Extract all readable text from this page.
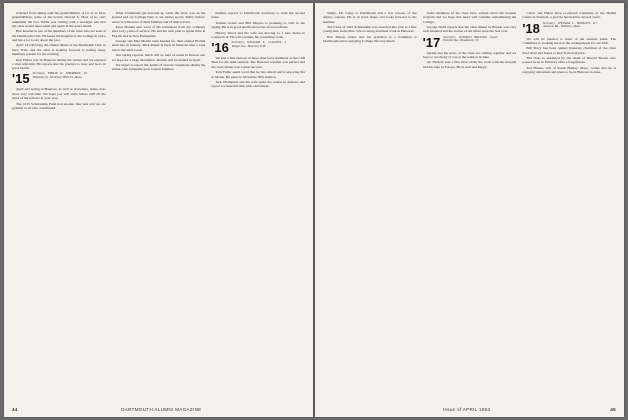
returned from skiing with his grandchildren. A lot of us have grandchildren, some of the beards showed it. Most of us can't remember the two. Eddie was writing with a nostalgic pen that the class would meet again and again in the years ahead.

Bob Keesler is one of the members of the class who are seen at the Dartmouth Club. He keeps the hospital of the College in place and has a lot to say about the past.

April 14 will bring the annual dinner at the Dartmouth Club in New York, and the class is looking forward to having many members present for the evening.

Ken Fisher was in Hanover during the winter and we enjoyed a visit with him. He reports that his practice is busy and he is in good health.

'15 Secretary, PHILIP K. SHERMAN, 19 Wellesley St., Wellesley Hills 81, Mass.

April and spring in Hanover, as well as elsewhere, make class news very welcome. We hope you will write letters with all the news of the fellows in your area.

The 1915 Scholarship Fund had another fine year and we are grateful to all who contributed.

What Classmates get honored up while the snow was on the ground and our College busy at our winter sports. Many fellows wrote in with news of their families and of their travels.

Peter Holden sent word of his retirement from the company after forty years of service. He and his wife plan to spend time in Florida and in New Hampshire.

George and Mae Martin were headed for their annual Florida jaunt late in January. Dick Parker is back in Vermont after a long trip to the West Coast.

Our spring reporter lunch will be held as usual in Boston and we hope for a large attendance. Details will be mailed in April.

We regret to report the deaths of several classmates during the winter. Our sympathy goes to their families.

Kalmus reports to Dartmouth Secretary to send the second letter.

Tolman writes and Phil Meyers is planning to visit in the spring. He is in good health and active in town affairs.

Harvey Wood and his wife are moving to a new home in Connecticut. He will continue his consulting work.

'16 Secretary, WILLIAM L. CLEAVES, 4 Maple Ave., Hanover, N.H.

We had a fine turnout of more than forty members at the Cliff Base for the mini-reunion. The Hanover weather was perfect and the class dinner was a great success.

Tom Fuller sends word that he has retired and is enjoying life in Maine. He plans to attend the 50th reunion.

Jack Thompson and his wife spent the winter in Arizona and report a wonderful time with old friends.

44	DARTMOUTH ALUMNI MAGAZINE

Sunny, Mr. Lang, to Dartmouth and a few lessons of the Alpine courses. He is in good shape and looks forward to the summer.

The Class of 1916 Scholarship was awarded this year to a fine young man from Ohio, who is doing excellent work in Hanover.

Bob Mason writes that his grandson is a freshman at Dartmouth and is enjoying College life very much.

Some members of the class have written about the bequest program and we hope that more will consider remembering the College.

George Wells reports that the class dinner in Boston was very well attended and the stories of old times were the best ever.

'17 Secretary, DONALD BROOKS, South Pomfret Rd., Woodstock, Vt.

Spring and the news of the class are coming together and we hope to see many of you at the reunion in June.

Art Nichols sent a fine letter about his work with the hospital and his trips to Europe. He is well and happy.

Carter and Helen have re-elected Chairman of the Health Center in Vermont, a post he has held for several years.

'18 Secretary, THOMAS L. HINKLEY, 117 Ammons Rd., Wilmette, Mass.

We will be pleased to learn of the reunion plans. The committee is working hard on the arrangements for our 45th.

Bill Tracy has been named honorary chairman of the class fund drive and hopes to hear from everyone.

The class is saddened by the death of Harold Brown who passed away in February after a long illness.

Ted Hawes, still of South Hadley, Mass., writes that he is enjoying retirement and plans to be in Hanover in June.

Issue of APRIL 1963	45
